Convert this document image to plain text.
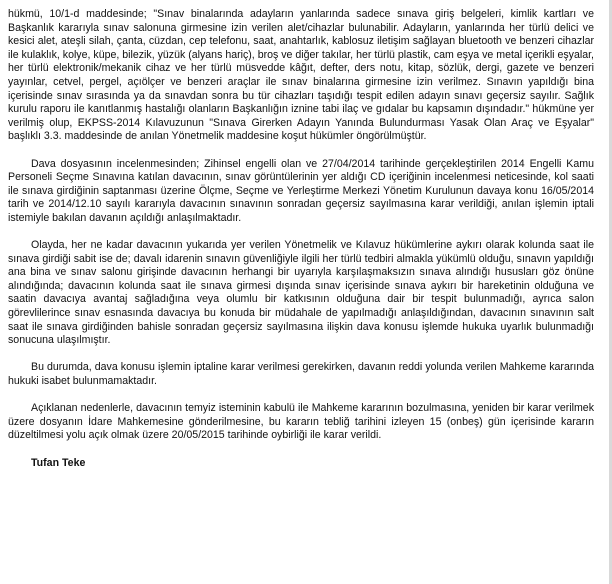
hükmü, 10/1-d maddesinde; "Sınav binalarında adayların yanlarında sadece sınava giriş belgeleri, kimlik kartları ve Başkanlık kararıyla sınav salonuna girmesine izin verilen alet/cihazlar bulunabilir. Adayların, yanlarında her türlü delici ve kesici alet, ateşli silah, çanta, cüzdan, cep telefonu, saat, anahtarlık, kablosuz iletişim sağlayan bluetooth ve benzeri cihazlar ile kulaklık, kolye, küpe, bilezik, yüzük (alyans hariç), broş ve diğer takılar, her türlü plastik, cam eşya ve metal içerikli eşyalar, her türlü elektronik/mekanik cihaz ve her türlü müsvedde kâğıt, defter, ders notu, kitap, sözlük, dergi, gazete ve benzeri yayınlar, cetvel, pergel, açıölçer ve benzeri araçlar ile sınav binalarına girmesine izin verilmez. Sınavın yapıldığı bina içerisinde sınav sırasında ya da sınavdan sonra bu tür cihazları taşıdığı tespit edilen adayın sınavı geçersiz sayılır. Sağlık kurulu raporu ile kanıtlanmış hastalığı olanların Başkanlığın iznine tabi ilaç ve gıdalar bu kapsamın dışındadır." hükmüne yer verilmiş olup, EKPSS-2014 Kılavuzunun "Sınava Girerken Adayın Yanında Bulundurması Yasak Olan Araç ve Eşyalar" başlıklı 3.3. maddesinde de anılan Yönetmelik maddesine koşut hükümler öngörülmüştür.

Dava dosyasının incelenmesinden; Zihinsel engelli olan ve 27/04/2014 tarihinde gerçekleştirilen 2014 Engelli Kamu Personeli Seçme Sınavına katılan davacının, sınav görüntülerinin yer aldığı CD içeriğinin incelenmesi neticesinde, kol saati ile sınava girdiğinin saptanması üzerine Ölçme, Seçme ve Yerleştirme Merkezi Yönetim Kurulunun davaya konu 16/05/2014 tarih ve 2014/12.10 sayılı kararıyla davacının sınavının sonradan geçersiz sayılmasına karar verildiği, anılan işlemin iptali istemiyle bakılan davanın açıldığı anlaşılmaktadır.

Olayda, her ne kadar davacının yukarıda yer verilen Yönetmelik ve Kılavuz hükümlerine aykırı olarak kolunda saat ile sınava girdiği sabit ise de; davalı idarenin sınavın güvenliğiyle ilgili her türlü tedbiri almakla yükümlü olduğu, sınavın yapıldığı ana bina ve sınav salonu girişinde davacının herhangi bir uyarıyla karşılaşmaksızın sınava alındığı hususları göz önüne alındığında; davacının kolunda saat ile sınava girmesi dışında sınav içerisinde sınava aykırı bir hareketinin olduğuna ve saatin davacıya avantaj sağladığına veya olumlu bir katkısının olduğuna dair bir tespit bulunmadığı, ayrıca salon görevlilerince sınav esnasında davacıya bu konuda bir müdahale de yapılmadığı anlaşıldığından, davacının sınavının salt saat ile sınava girdiğinden bahisle sonradan geçersiz sayılmasına ilişkin dava konusu işlemde hukuka uyarlık bulunmadığı sonucuna ulaşılmıştır.

Bu durumda, dava konusu işlemin iptaline karar verilmesi gerekirken, davanın reddi yolunda verilen Mahkeme kararında hukuki isabet bulunmamaktadır.

Açıklanan nedenlerle, davacının temyiz isteminin kabulü ile Mahkeme kararının bozulmasına, yeniden bir karar verilmek üzere dosyanın İdare Mahkemesine gönderilmesine, bu kararın tebliğ tarihini izleyen 15 (onbeş) gün içerisinde kararın düzeltilmesi yolu açık olmak üzere 20/05/2015 tarihinde oybirliği ile karar verildi.

Tufan Teke
